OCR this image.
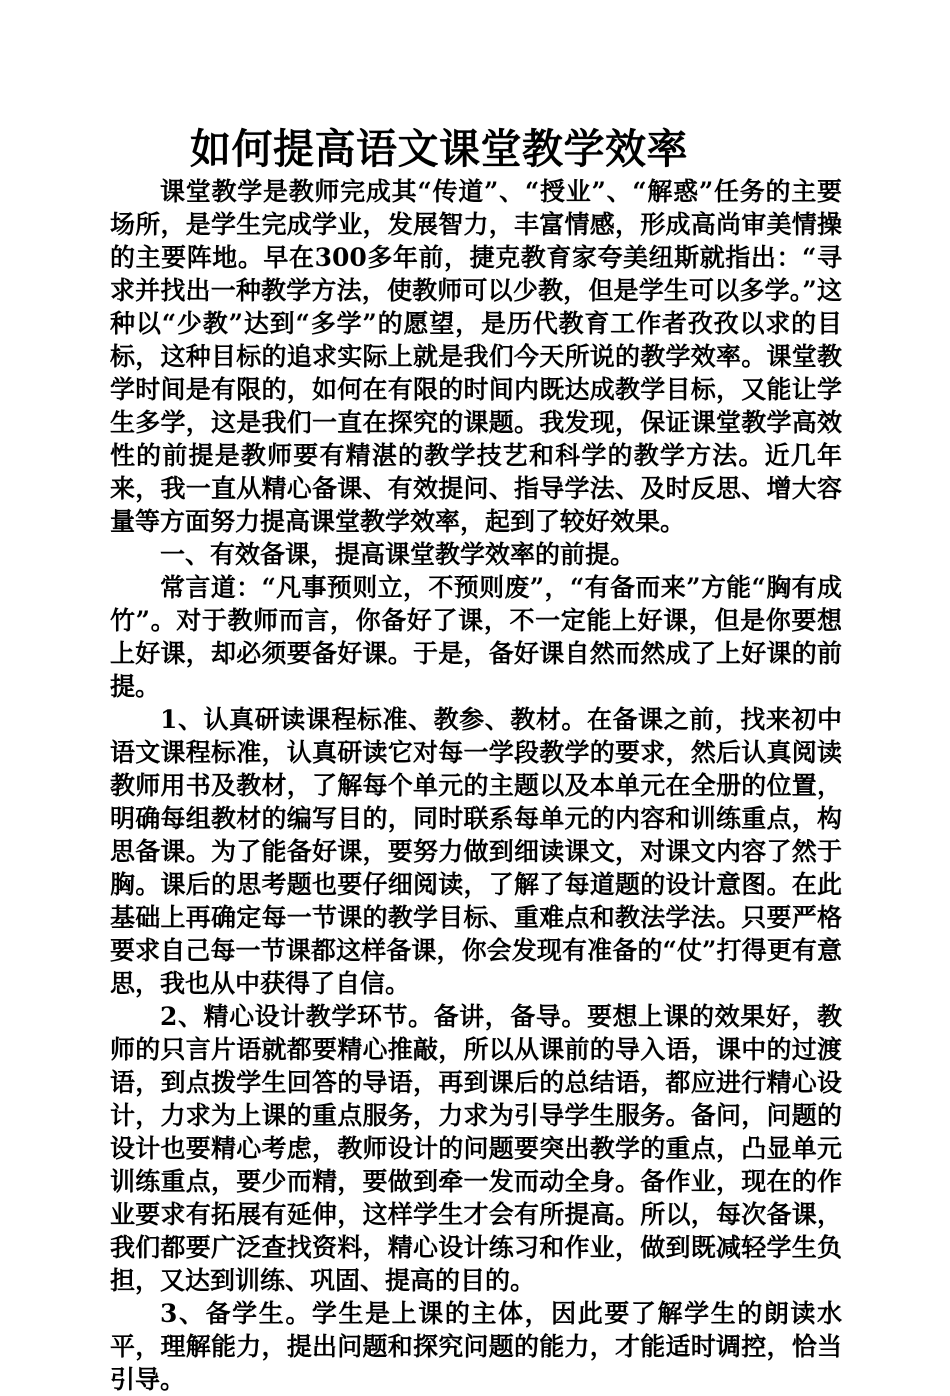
如何提高语文课堂教学效率

课堂教学是教师完成其“传道”、“授业”、“解惑”任务的主要场所，是学生完成学业，发展智力，丰富情感，形成高尚审美情操的主要阵地。早在300多年前，捷克教育家夸美纽斯就指出：“寻求并找出一种教学方法，使教师可以少教，但是学生可以多学。”这种以“少教”达到“多学”的愿望，是历代教育工作者孜孜以求的目标，这种目标的追求实际上就是我们今天所说的教学效率。课堂教学时间是有限的，如何在有限的时间内既达成教学目标，又能让学生多学，这是我们一直在探究的课题。我发现，保证课堂教学高效性的前提是教师要有精湛的教学技艺和科学的教学方法。近几年来，我一直从精心备课、有效提问、指导学法、及时反思、增大容量等方面努力提高课堂教学效率，起到了较好效果。

一、有效备课，提高课堂教学效率的前提。

常言道：“凡事预则立，不预则废”，“有备而来”方能“胸有成竹”。对于教师而言，你备好了课，不一定能上好课，但是你要想上好课，却必须要备好课。于是，备好课自然而然成了上好课的前提。

1、认真研读课程标准、教参、教材。在备课之前，找来初中语文课程标准，认真研读它对每一学段教学的要求，然后认真阅读教师用书及教材，了解每个单元的主题以及本单元在全册的位置，明确每组教材的编写目的，同时联系每单元的内容和训练重点，构思备课。为了能备好课，要努力做到细读课文，对课文内容了然于胸。课后的思考题也要仔细阅读，了解了每道题的设计意图。在此基础上再确定每一节课的教学目标、重难点和教法学法。只要严格要求自己每一节课都这样备课，你会发现有准备的“仗”打得更有意思，我也从中获得了自信。

2、精心设计教学环节。备讲，备导。要想上课的效果好，教师的只言片语就都要精心推敲，所以从课前的导入语，课中的过渡语，到点拨学生回答的导语，再到课后的总结语，都应进行精心设计，力求为上课的重点服务，力求为引导学生服务。备问，问题的设计也要精心考虑，教师设计的问题要突出教学的重点，凸显单元训练重点，要少而精，要做到牵一发而动全身。备作业，现在的作业要求有拓展有延伸，这样学生才会有所提高。所以，每次备课，我们都要广泛查找资料，精心设计练习和作业，做到既减轻学生负担，又达到训练、巩固、提高的目的。

3、备学生。学生是上课的主体，因此要了解学生的朗读水平，理解能力，提出问题和探究问题的能力，才能适时调控，恰当引导。
